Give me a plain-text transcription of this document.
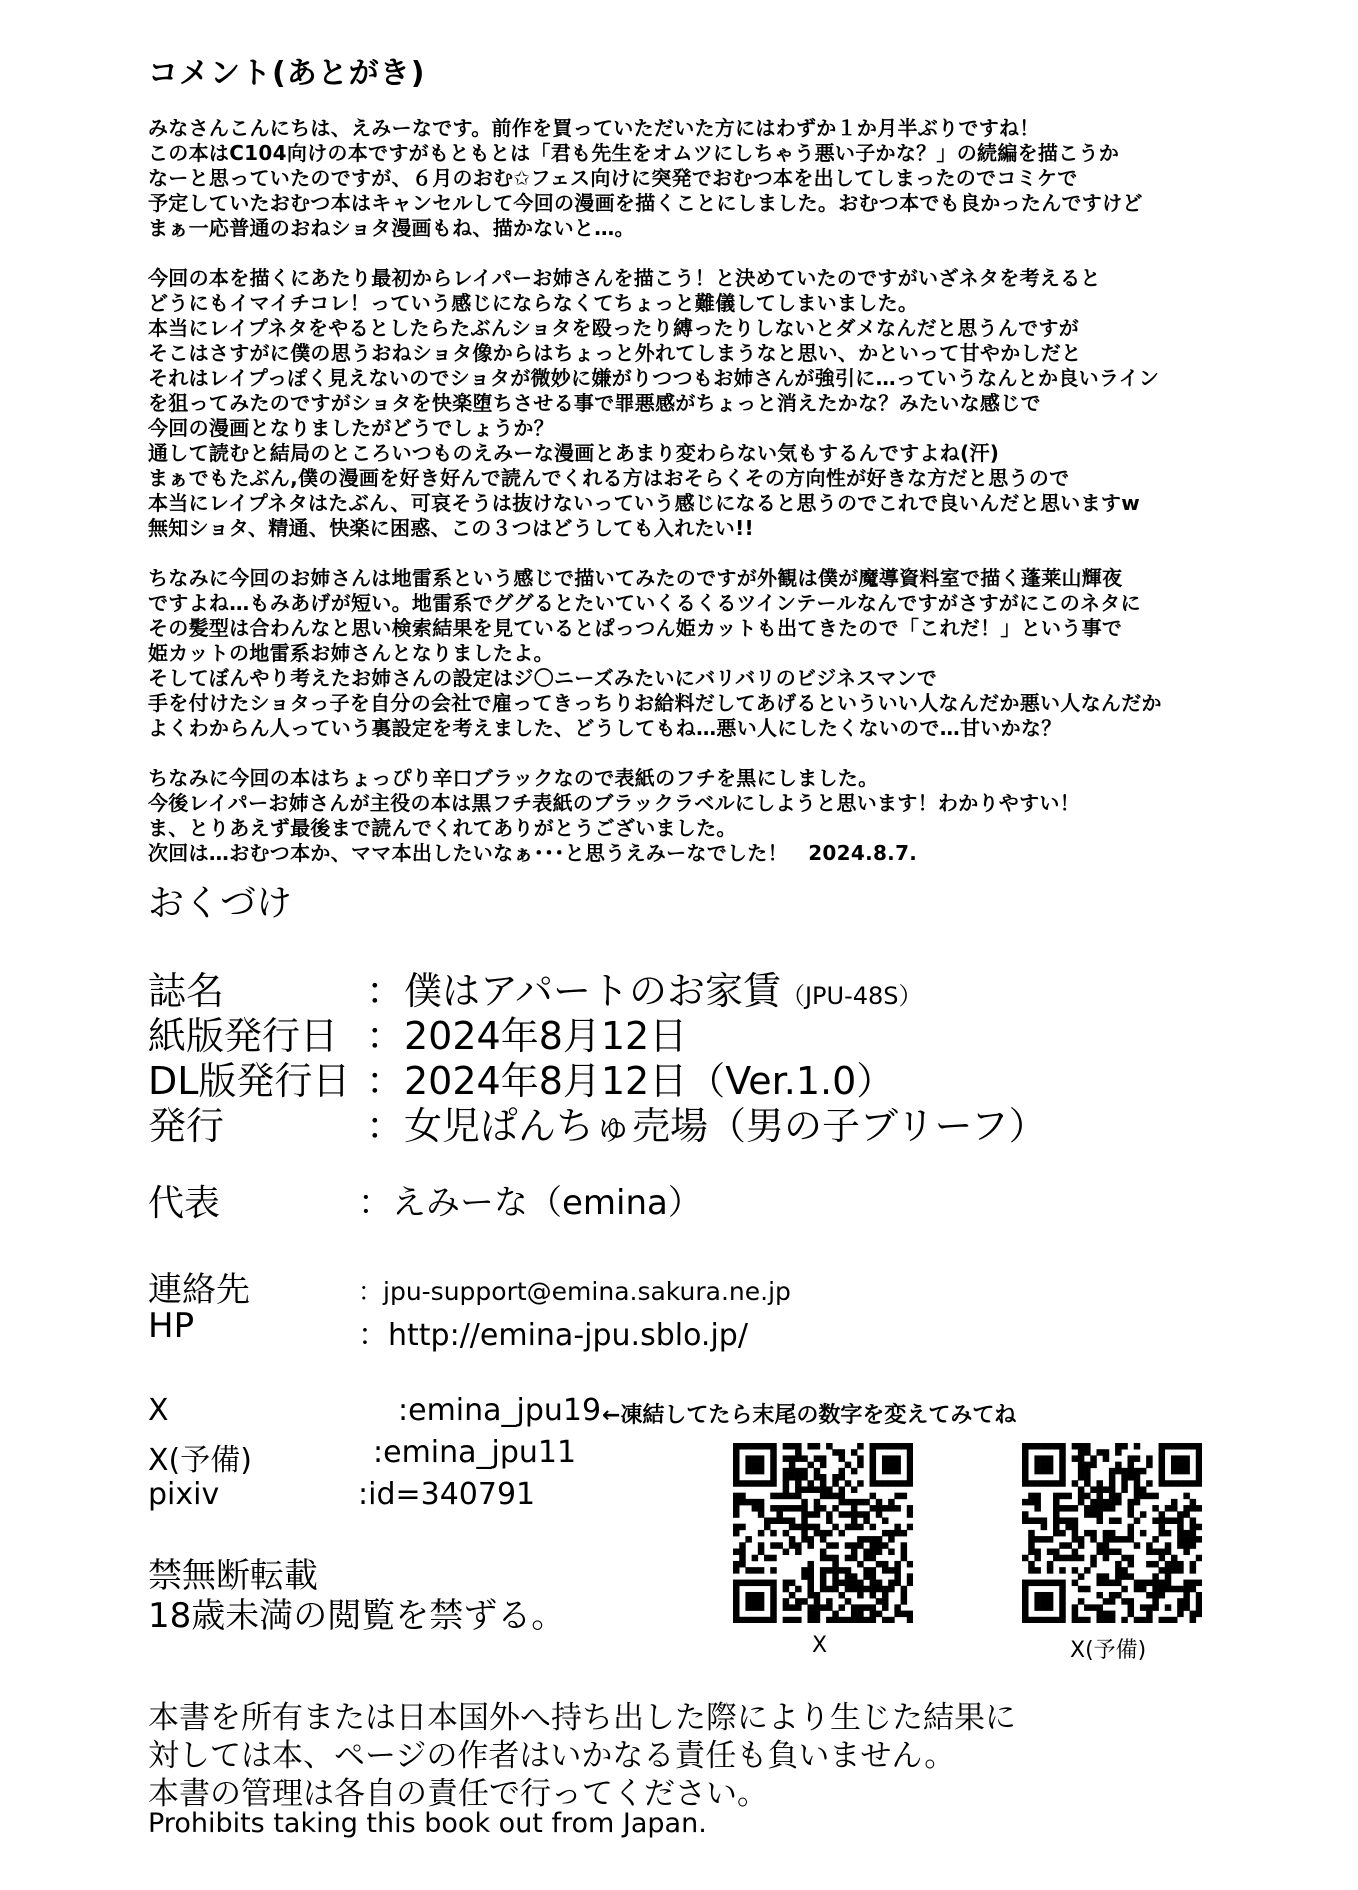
コメント(あとがき)
みなさんこんにちは、えみーなです。前作を買っていただいた方にはわずか１か月半ぶりですね！
この本はC104向けの本ですがもともとは「君も先生をオムツにしちゃう悪い子かな？」の続編を描こうか
なーと思っていたのですが、６月のおむ✩フェス向けに突発でおむつ本を出してしまったのでコミケで
予定していたおむつ本はキャンセルして今回の漫画を描くことにしました。おむつ本でも良かったんですけど
まぁ一応普通のおねショタ漫画もね、描かないと…。
今回の本を描くにあたり最初からレイパーお姉さんを描こう！と決めていたのですがいざネタを考えると
どうにもイマイチコレ！っていう感じにならなくてちょっと難儀してしまいました。
本当にレイプネタをやるとしたらたぶんショタを殴ったり縛ったりしないとダメなんだと思うんですが
そこはさすがに僕の思うおねショタ像からはちょっと外れてしまうなと思い、かといって甘やかしだと
それはレイプっぽく見えないのでショタが微妙に嫌がりつつもお姉さんが強引に…っていうなんとか良いライン
を狙ってみたのですがショタを快楽堕ちさせる事で罪悪感がちょっと消えたかな？みたいな感じで
今回の漫画となりましたがどうでしょうか？
通して読むと結局のところいつものえみーな漫画とあまり変わらない気もするんですよね(汗)
まぁでもたぶん,僕の漫画を好き好んで読んでくれる方はおそらくその方向性が好きな方だと思うので
本当にレイプネタはたぶん、可哀そうは抜けないっていう感じになると思うのでこれで良いんだと思いますw
無知ショタ、精通、快楽に困惑、この３つはどうしても入れたい!!
ちなみに今回のお姉さんは地雷系という感じで描いてみたのですが外観は僕が魔導資料室で描く蓬莱山輝夜
ですよね…もみあげが短い。地雷系でググるとたいていくるくるツインテールなんですがさすがにこのネタに
その髪型は合わんなと思い検索結果を見ているとぱっつん姫カットも出てきたので「これだ！」という事で
姫カットの地雷系お姉さんとなりましたよ。
そしてぼんやり考えたお姉さんの設定はジ〇ニーズみたいにバリバリのビジネスマンで
手を付けたショタっ子を自分の会社で雇ってきっちりお給料だしてあげるといういい人なんだか悪い人なんだか
よくわからん人っていう裏設定を考えました、どうしてもね…悪い人にしたくないので…甘いかな？
ちなみに今回の本はちょっぴり辛口ブラックなので表紙のフチを黒にしました。
今後レイパーお姉さんが主役の本は黒フチ表紙のブラックラベルにしようと思います！わかりやすい！
ま、とりあえず最後まで読んでくれてありがとうございました。
次回は…おむつ本か、ママ本出したいなぁ･･･と思うえみーなでした！　2024.8.7.
おくづけ
誌名	：僕はアパートのお家賃（JPU-48S）
紙版発行日 ：2024年8月12日
DL版発行日 ：2024年8月12日（Ver.1.0）
発行	：女児ぱんちゅ売場（男の子ブリーフ）
代表	：えみーな（emina）
連絡先	：jpu-support@emina.sakura.ne.jp
HP	：http://emina-jpu.sblo.jp/
X	:emina_jpu19 ←凍結してたら末尾の数字を変えてみてね
X(予備)	:emina_jpu11
pixiv	:id=340791
禁無断転載
18歳未満の閲覧を禁ずる。
X	X(予備)
本書を所有または日本国外へ持ち出した際により生じた結果に
対しては本、ページの作者はいかなる責任も負いません。
本書の管理は各自の責任で行ってください。
Prohibits taking this book out from Japan.
